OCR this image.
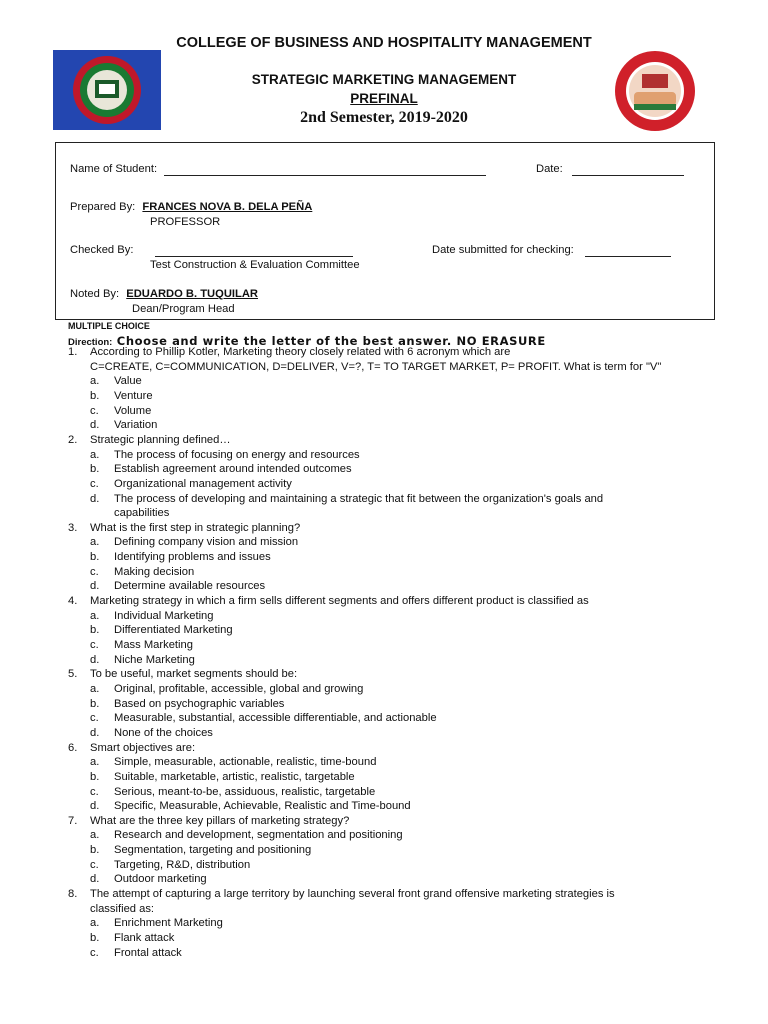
COLLEGE OF BUSINESS AND HOSPITALITY MANAGEMENT
STRATEGIC MARKETING MANAGEMENT
PREFINAL
2nd Semester, 2019-2020
Name of Student:	Date:
Prepared By: FRANCES NOVA B. DELA PEÑA
PROFESSOR
Checked By:
Test Construction & Evaluation Committee
Date submitted for checking:
Noted By: EDUARDO B. TUQUILAR
Dean/Program Head
MULTIPLE CHOICE
Direction: Choose and write the letter of the best answer. NO ERASURE
1.	According to Phillip Kotler, Marketing theory closely related with 6 acronym which are
C=CREATE, C=COMMUNICATION, D=DELIVER, V=?, T= TO TARGET MARKET, P= PROFIT. What is term for "V"
a.	Value
b.	Venture
c.	Volume
d.	Variation
2.	Strategic planning defined…
a.	The process of focusing on energy and resources
b.	Establish agreement around intended outcomes
c.	Organizational management activity
d.	The process of developing and maintaining a strategic that fit between the organization's goals and
capabilities
3.	What is the first step in strategic planning?
a.	Defining company vision and mission
b.	Identifying problems and issues
c.	Making decision
d.	Determine available resources
4.	Marketing strategy in which a firm sells different segments and offers different product is classified as
a.	Individual Marketing
b.	Differentiated Marketing
c.	Mass Marketing
d.	Niche Marketing
5.	To be useful, market segments should be:
a.	Original, profitable, accessible, global and growing
b.	Based on psychographic variables
c.	Measurable, substantial, accessible differentiable, and actionable
d.	None of the choices
6.	Smart objectives are:
a.	Simple, measurable, actionable, realistic, time-bound
b.	Suitable, marketable, artistic, realistic, targetable
c.	Serious, meant-to-be, assiduous, realistic, targetable
d.	Specific, Measurable, Achievable, Realistic and Time-bound
7.	What are the three key pillars of marketing strategy?
a.	Research and development, segmentation and positioning
b.	Segmentation, targeting and positioning
c.	Targeting, R&D, distribution
d.	Outdoor marketing
8.	The attempt of capturing a large territory by launching several front grand offensive marketing strategies is
classified as:
a.	Enrichment Marketing
b.	Flank attack
c.	Frontal attack
